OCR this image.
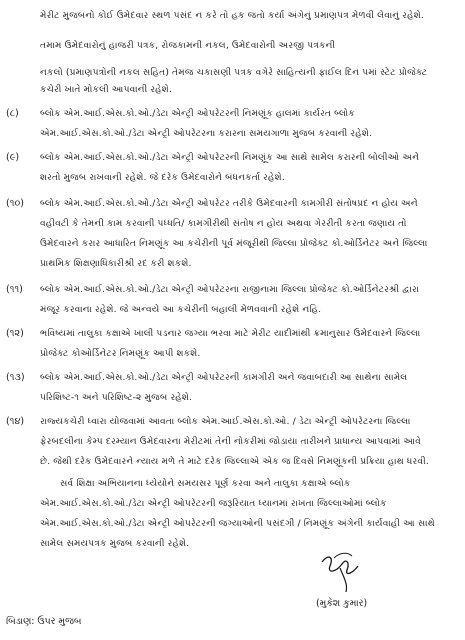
મેરીટ મુજબનો કોઈ ઉમેદવાર સ્થળ પસંદ ન કરે તો હક જતો કર્યા અંગેનું પ્રમાણપત્ર મેળવી લેવાનું રહેશે.
તમામ ઉમેદવારોનું હાજરી પત્રક, રોજકામની નકલ, ઉમેદવારોની અરજી પત્રકની
નકલો (પ્રમાણપત્રોની નકલ સહિત) તેમજ ચકાસણી પત્રક વગેરે સાહિત્યની ફાઈલ દિન પમાં સ્ટેટ પ્રોજેક્ટ
કચેરી ખાતે મોકલી આપવાની રહેશે.
(૮) બ્લોક એમ.આઈ.એસ.કો.ઓ./ડેટા એન્ટ્રી ઓપરેટરની નિમણૂંક હાલમાં કાર્યરત બ્લોક
એમ.આઈ.એસ.કો.ઓ./ડેટા એન્ટ્રી ઓપરેટરના કરારના સમયગાળા મુજબ કરવાની રહેશે.
(૯) બ્લોક એમ.આઈ.એસ.કો.ઓ./ડેટા એન્ટ્રી ઓપરેટરની નિમણૂંક આ સાથે સામેલ કરારની બોલીઓ અને
શરતો મુજબ રાખવાની રહેશે. જે દરેક ઉમેદવારોને બંધનકર્તા રહેશે.
(૧૦) બ્લોક એમ.આઈ.એસ.કો.ઓ./ડેટા એન્ટ્રી ઓપરેટર તરીકે ઉમેદવારની કામગીરી સંતોષપ્રદ ન હોય અને
વહીવટી કે તેમની કામ કરવાની પધ્ધતિ/ કામગીરીથી સંતોષ ન હોય અથવા ગેરરીતી કરતા જણાય તો
ઉમેદવારને કરાર આધારિત નિમણૂંક આ કચેરીની પૂર્વ મંજૂરીથી જિલ્લા પ્રોજેક્ટ કો.ઓર્ડિનેટર અને જિલ્લા
પ્રાથમિક શિક્ષણાધિકારીશ્રી રદ કરી શકશે.
(૧૧) બ્લોક એમ.આઈ.એસ.કો.ઓ./ડેટા એન્ટ્રી ઓપરેટરના રાજીનામા જિલ્લા પ્રોજેક્ટ કો.ઓર્ડિનેટરશ્રી દ્વારા
મંજૂર કરવાના રહેશે. જે અન્વયે આ કચેરીની બહાલી મેળવવાની રહેશે નહિ.
(૧૨) ભવિષ્યમાં તાલુકા કક્ષાએ ખાલી પડનાર જગ્યા ભરવા માટે મેરીટ યાદીમાંથી ક્રમાનુસાર ઉમેદવારને જિલ્લા
પ્રોજેક્ટ કોઓર્ડિનેટર નિમણૂંક આપી શકશે.
(૧૩) બ્લોક એમ.આઈ.એસ.કો.ઓ./ડેટા એન્ટ્રી ઓપરેટરની કામગીરી અને જવાબદારી આ સાથેના સામેલ
પરિશિષ્ટ-૧ અને પરિશિષ્ટ-૨ મુજબ રહેશે.
(૧૪) રાજ્યકચેરી ધ્વારા યોજવામાં આવતા બ્લોક એમ.આઈ.એસ.કો.ઓ. / ડેટા એન્ટ્રી ઓપરેટરના જિલ્લા
ફેરબદલીના કેમ્પ દરમ્યાન ઉમેદવારના મેરીટમાં તેની નોકરીમાં જોડાયા તારીખને પ્રાધાન્ય આપવામાં આવે
છે. જેથી દરેક ઉમેદવારને ન્યાય મળે તે માટે દરેક જિલ્લાએ એક જ દિવસે નિમણૂંકની પ્રક્રિયા હાથ ધરવી.
સર્વ શિક્ષા અભિયાનના ધ્યેયોને સમયસર પૂર્ણ કરવા અને તાલુકા કક્ષાએ બ્લોક
એમ.આઈ.એસ.કો.ઓ./ડેટા એન્ટ્રી ઓપરેટરની જરૂરિયાત ધ્યાનમાં રાખતા જિલ્લાઓમાં બ્લોક
એમ.આઈ.એસ.કો.ઓ./ડેટા એન્ટ્રી ઓપરેટરની જગ્યાઓની પસંદગી / નિમણૂંક અંગેની કાર્યવાહી આ સાથે
સામેલ સમયપત્રક મુજબ કરવાની રહેશે.
(મુકેશ કુમાર)
બિડાણ: ઉપર મુજબ
